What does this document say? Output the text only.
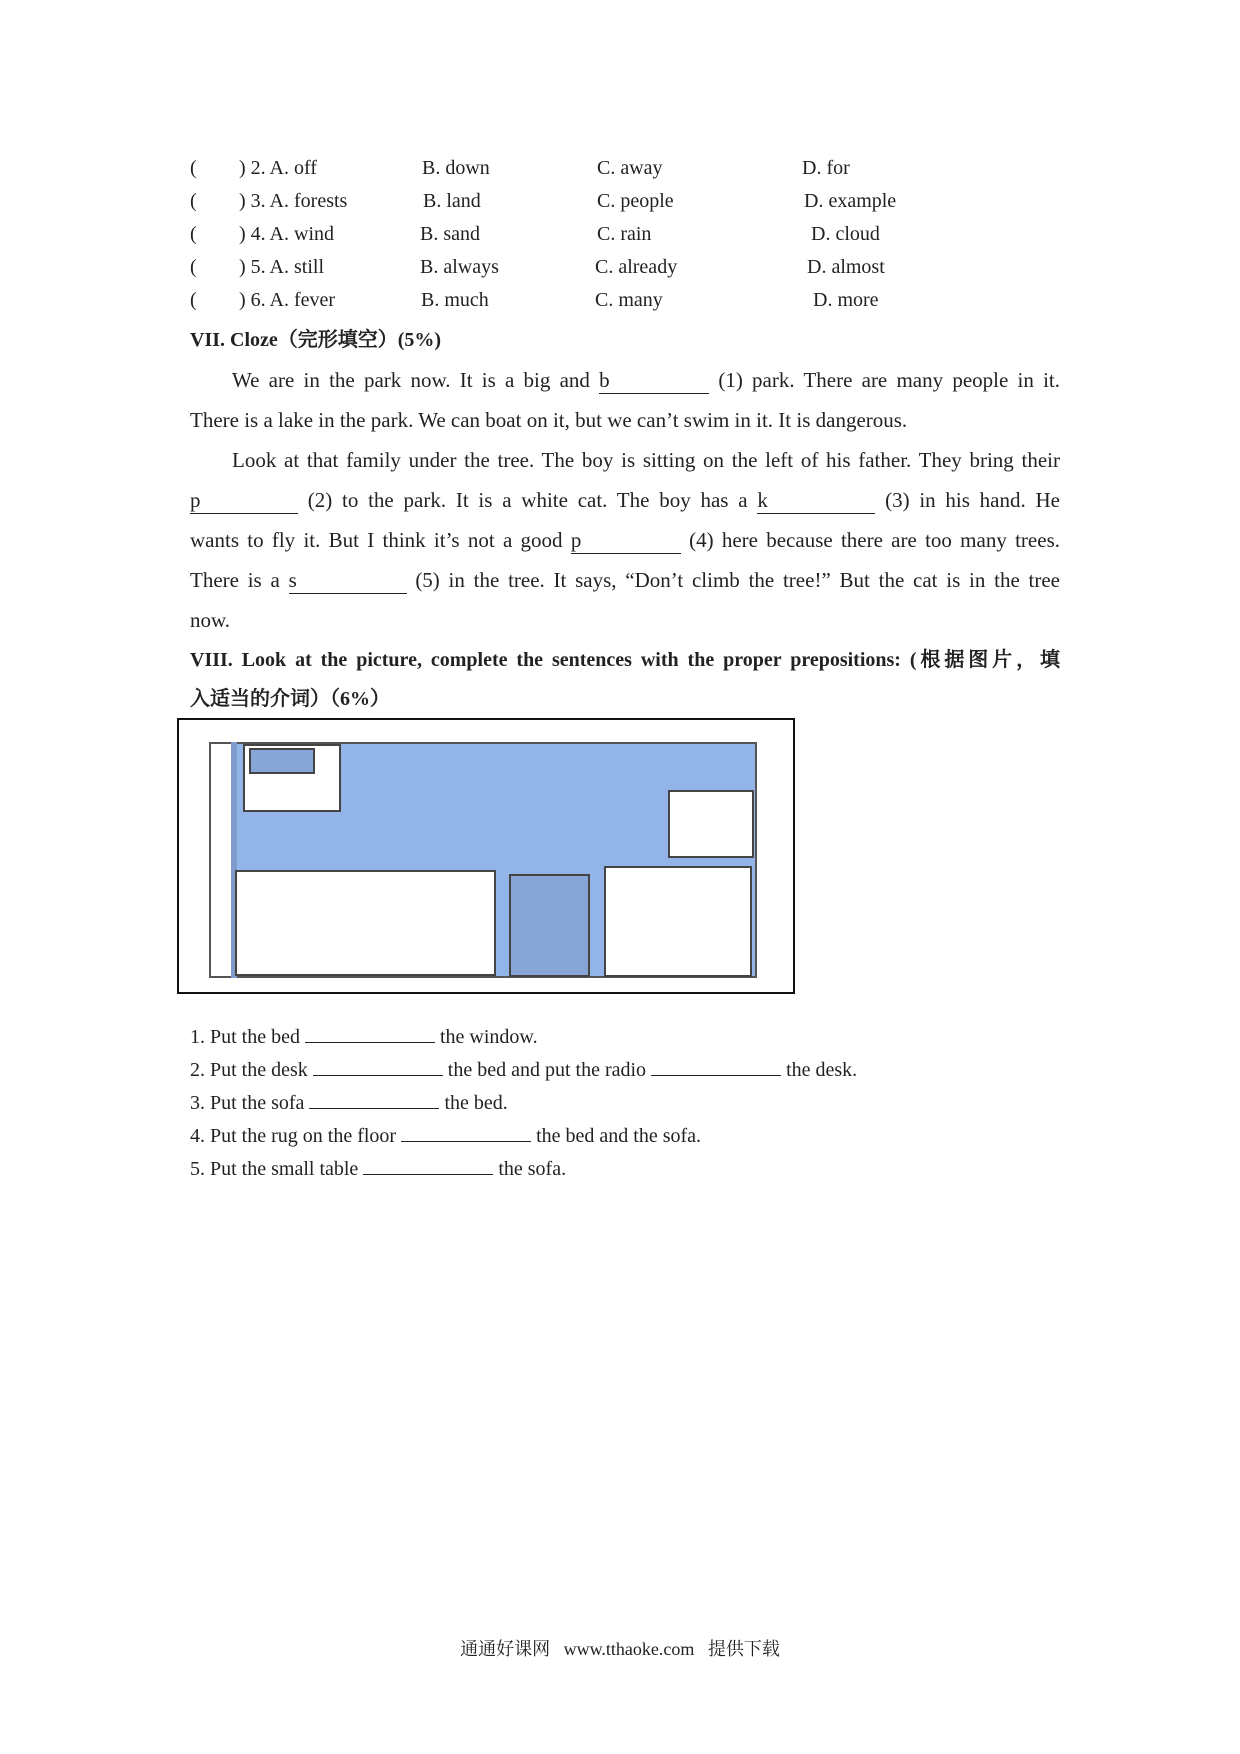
( ) 2. A. off	B. down	C. away	D. for
( ) 3. A. forests	B. land	C. people	D. example
( ) 4. A. wind	B. sand	C. rain	D. cloud
( ) 5. A. still	B. always	C. already	D. almost
( ) 6. A. fever	B. much	C. many	D. more
VII. Cloze（完形填空）(5%)
We are in the park now. It is a big and b	(1) park. There are many people in it.
There is a lake in the park. We can boat on it, but we can’t swim in it. It is dangerous.
Look at that family under the tree. The boy is sitting on the left of his father. They bring their
p	(2) to the park. It is a white cat. The boy has a k	(3) in his hand. He
wants to fly it. But I think it’s not a good p	(4) here because there are too many trees.
There is a s	(5) in the tree. It says, “Don’t climb the tree!” But the cat is in the tree
now.
VIII. Look at the picture, complete the sentences with the proper prepositions: (根据图片，填
入适当的介词）（6%）
1. Put the bed	the window.
2. Put the desk	the bed and put the radio	the desk.
3. Put the sofa	the bed.
4. Put the rug on the floor	the bed and the sofa.
5. Put the small table	the sofa.
通通好课网   www.tthaoke.com   提供下载
